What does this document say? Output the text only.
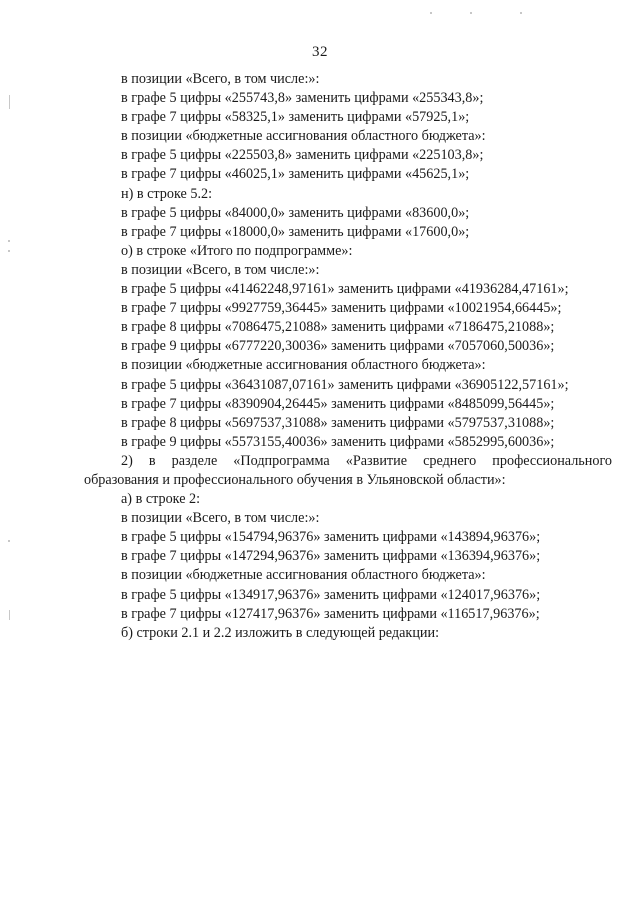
32
в позиции «Всего, в том числе:»:
в графе 5 цифры «255743,8» заменить цифрами «255343,8»;
в графе 7 цифры «58325,1» заменить цифрами «57925,1»;
в позиции «бюджетные ассигнования областного бюджета»:
в графе 5 цифры «225503,8» заменить цифрами «225103,8»;
в графе 7 цифры «46025,1» заменить цифрами «45625,1»;
н) в строке 5.2:
в графе 5 цифры «84000,0» заменить цифрами «83600,0»;
в графе 7 цифры «18000,0» заменить цифрами «17600,0»;
о) в строке «Итого по подпрограмме»:
в позиции «Всего, в том числе:»:
в графе 5 цифры «41462248,97161» заменить цифрами «41936284,47161»;
в графе 7 цифры «9927759,36445» заменить цифрами «10021954,66445»;
в графе 8 цифры «7086475,21088» заменить цифрами «7186475,21088»;
в графе 9 цифры «6777220,30036» заменить цифрами «7057060,50036»;
в позиции «бюджетные ассигнования областного бюджета»:
в графе 5 цифры «36431087,07161» заменить цифрами «36905122,57161»;
в графе 7 цифры «8390904,26445» заменить цифрами «8485099,56445»;
в графе 8 цифры «5697537,31088» заменить цифрами «5797537,31088»;
в графе 9 цифры «5573155,40036» заменить цифрами «5852995,60036»;
2) в разделе «Подпрограмма «Развитие среднего профессионального образования и профессионального обучения в Ульяновской области»:
а) в строке 2:
в позиции «Всего, в том числе:»:
в графе 5 цифры «154794,96376» заменить цифрами «143894,96376»;
в графе 7 цифры «147294,96376» заменить цифрами «136394,96376»;
в позиции «бюджетные ассигнования областного бюджета»:
в графе 5 цифры «134917,96376» заменить цифрами «124017,96376»;
в графе 7 цифры «127417,96376» заменить цифрами «116517,96376»;
б) строки 2.1 и 2.2 изложить в следующей редакции:
